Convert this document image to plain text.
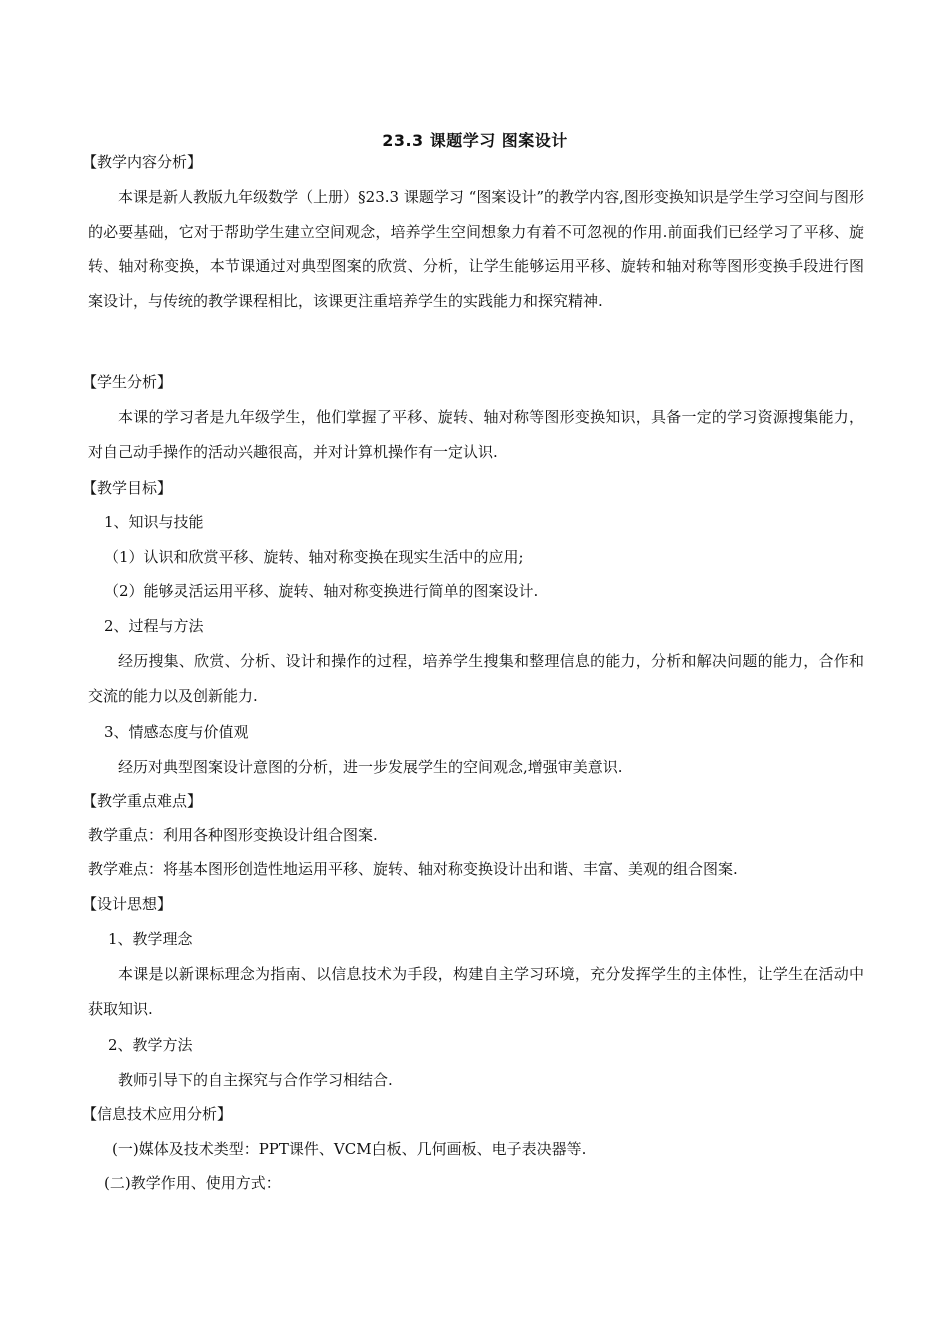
23.3 课题学习 图案设计
【教学内容分析】

本课是新人教版九年级数学（上册）§23.3 课题学习 “图案设计”的教学内容,图形变换知识是学生学习空间与图形的必要基础，它对于帮助学生建立空间观念，培养学生空间想象力有着不可忽视的作用.前面我们已经学习了平移、旋转、轴对称变换，本节课通过对典型图案的欣赏、分析，让学生能够运用平移、旋转和轴对称等图形变换手段进行图案设计，与传统的教学课程相比，该课更注重培养学生的实践能力和探究精神.

【学生分析】

本课的学习者是九年级学生，他们掌握了平移、旋转、轴对称等图形变换知识，具备一定的学习资源搜集能力，对自己动手操作的活动兴趣很高，并对计算机操作有一定认识.

【教学目标】
1、知识与技能
（1）认识和欣赏平移、旋转、轴对称变换在现实生活中的应用;
（2）能够灵活运用平移、旋转、轴对称变换进行简单的图案设计.
2、过程与方法

经历搜集、欣赏、分析、设计和操作的过程，培养学生搜集和整理信息的能力，分析和解决问题的能力，合作和交流的能力以及创新能力.

3、情感态度与价值观
经历对典型图案设计意图的分析，进一步发展学生的空间观念,增强审美意识.
【教学重点难点】
教学重点：利用各种图形变换设计组合图案.
教学难点：将基本图形创造性地运用平移、旋转、轴对称变换设计出和谐、丰富、美观的组合图案.
【设计思想】
1、教学理念

本课是以新课标理念为指南、以信息技术为手段，构建自主学习环境，充分发挥学生的主体性，让学生在活动中获取知识.

2、教学方法
教师引导下的自主探究与合作学习相结合.
【信息技术应用分析】
(一)媒体及技术类型：PPT课件、VCM白板、几何画板、电子表决器等.
(二)教学作用、使用方式：
